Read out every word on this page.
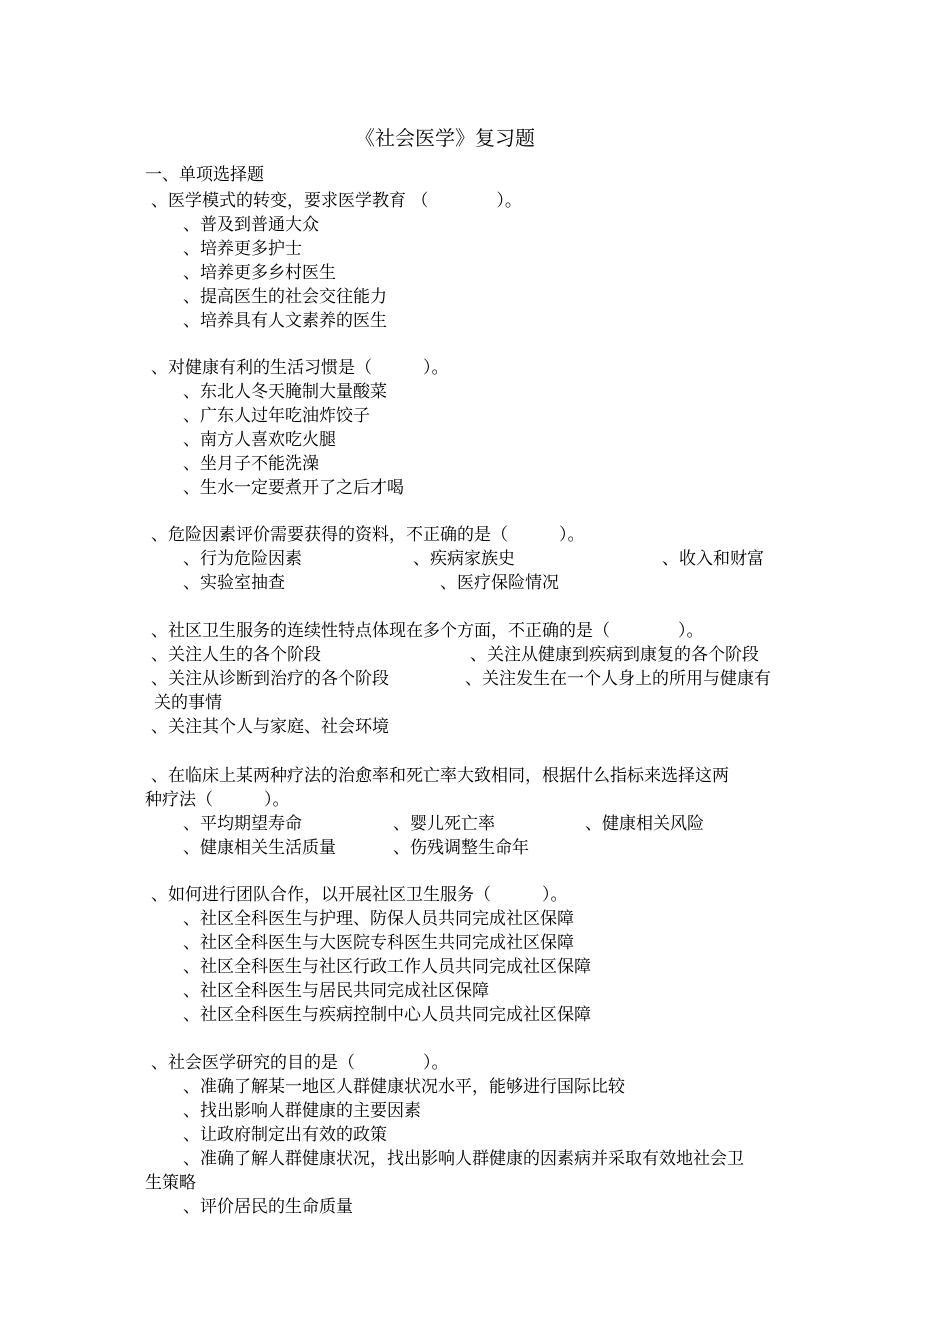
《社会医学》复习题
一、单项选择题
、医学模式的转变，要求医学教育 （　　　　）。
、普及到普通大众
、培养更多护士
、培养更多乡村医生
、提高医生的社会交往能力
、培养具有人文素养的医生
、对健康有利的生活习惯是（　　　）。
、东北人冬天腌制大量酸菜
、广东人过年吃油炸饺子
、南方人喜欢吃火腿
、坐月子不能洗澡
、生水一定要煮开了之后才喝
、危险因素评价需要获得的资料，不正确的是（　　　）。
、行为危险因素	、疾病家族史	、收入和财富
、实验室抽查	、医疗保险情况
、社区卫生服务的连续性特点体现在多个方面，不正确的是（　　　　）。
、关注人生的各个阶段	、关注从健康到疾病到康复的各个阶段
、关注从诊断到治疗的各个阶段	、关注发生在一个人身上的所用与健康有
关的事情
、关注其个人与家庭、社会环境
、在临床上某两种疗法的治愈率和死亡率大致相同，根据什么指标来选择这两
种疗法（　　　）。
、平均期望寿命	、婴儿死亡率	、健康相关风险
、健康相关生活质量	、伤残调整生命年
、如何进行团队合作，以开展社区卫生服务（　　　）。
、社区全科医生与护理、防保人员共同完成社区保障
、社区全科医生与大医院专科医生共同完成社区保障
、社区全科医生与社区行政工作人员共同完成社区保障
、社区全科医生与居民共同完成社区保障
、社区全科医生与疾病控制中心人员共同完成社区保障
、社会医学研究的目的是（　　　　）。
、准确了解某一地区人群健康状况水平，能够进行国际比较
、找出影响人群健康的主要因素
、让政府制定出有效的政策
、准确了解人群健康状况，找出影响人群健康的因素病并采取有效地社会卫
生策略
、评价居民的生命质量
